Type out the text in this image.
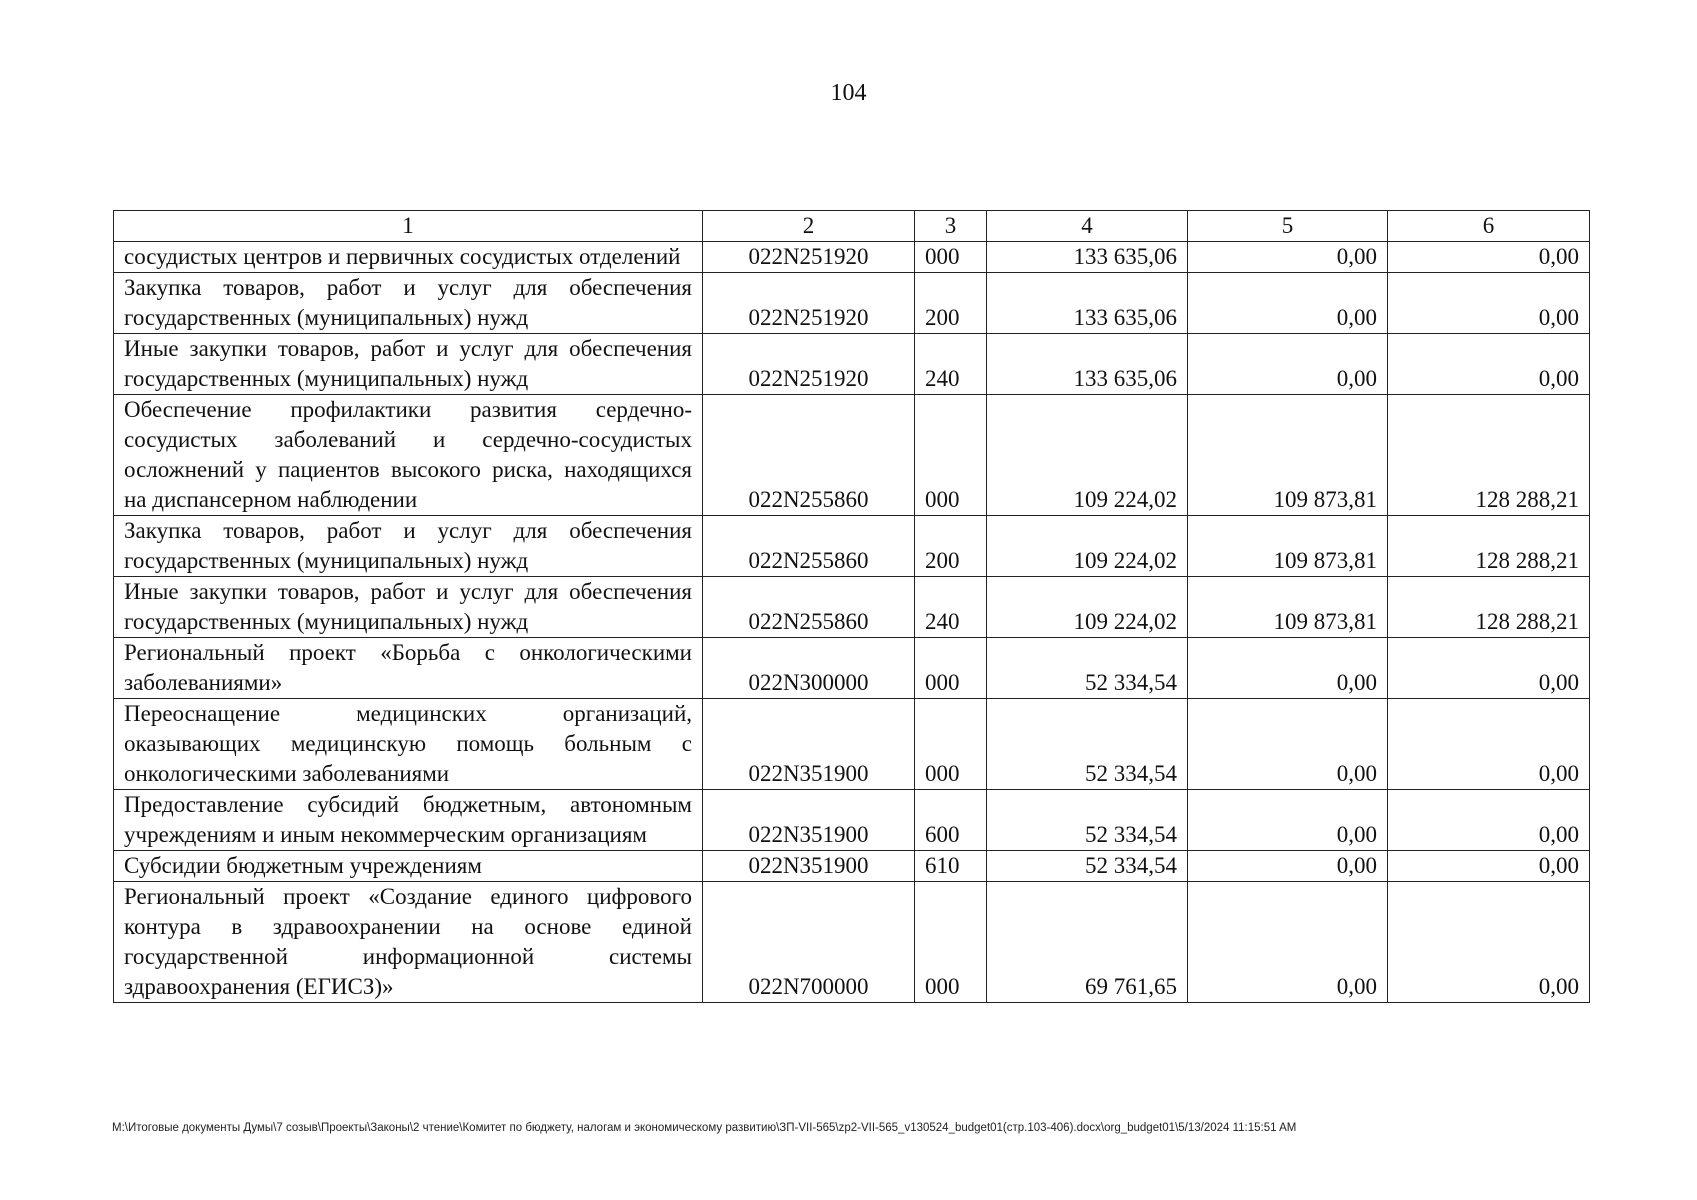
104
1	2	3	4	5	6
сосудистых центров и первичных сосудистых отделений	022N251920	000	133 635,06	0,00	0,00
Закупка товаров, работ и услуг для обеспечения государственных (муниципальных) нужд	022N251920	200	133 635,06	0,00	0,00
Иные закупки товаров, работ и услуг для обеспечения государственных (муниципальных) нужд	022N251920	240	133 635,06	0,00	0,00
Обеспечение профилактики развития сердечно-сосудистых заболеваний и сердечно-сосудистых осложнений у пациентов высокого риска, находящихся на диспансерном наблюдении	022N255860	000	109 224,02	109 873,81	128 288,21
Закупка товаров, работ и услуг для обеспечения государственных (муниципальных) нужд	022N255860	200	109 224,02	109 873,81	128 288,21
Иные закупки товаров, работ и услуг для обеспечения государственных (муниципальных) нужд	022N255860	240	109 224,02	109 873,81	128 288,21
Региональный проект «Борьба с онкологическими заболеваниями»	022N300000	000	52 334,54	0,00	0,00
Переоснащение медицинских организаций, оказывающих медицинскую помощь больным с онкологическими заболеваниями	022N351900	000	52 334,54	0,00	0,00
Предоставление субсидий бюджетным, автономным учреждениям и иным некоммерческим организациям	022N351900	600	52 334,54	0,00	0,00
Субсидии бюджетным учреждениям	022N351900	610	52 334,54	0,00	0,00
Региональный проект «Создание единого цифрового контура в здравоохранении на основе единой государственной информационной системы здравоохранения (ЕГИСЗ)»	022N700000	000	69 761,65	0,00	0,00
M:\Итоговые документы Думы\7 созыв\Проекты\Законы\2 чтение\Комитет по бюджету, налогам и экономическому развитию\ЗП-VII-565\zp2-VII-565_v130524_budget01(стр.103-406).docx\org_budget01\5/13/2024 11:15:51 AM
